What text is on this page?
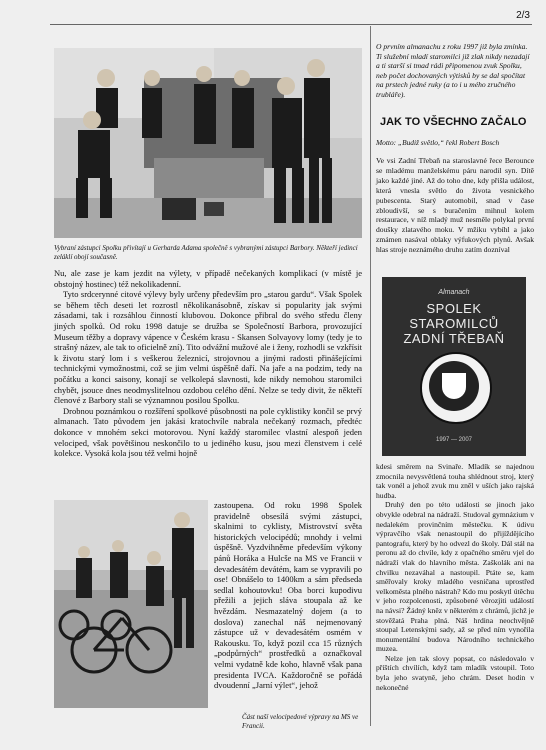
2/3
Vybraní zástupci Spolku přivítají u Gerharda Adama společně s vybranými zástupci Barbory. Někteří jedinci zeláklí obojí současně.

Nu, ale zase je kam jezdit na výlety, v případě nečekaných komplikací (v místě je obstojný hostinec) též nekolikadenní.

Tyto srdcerynné citové výlevy byly určeny především pro „starou gardu“. Však Spolek se během těch deseti let rozrostl několikanásobně, získav si popularity jak svými zásadami, tak i rozsáhlou činností klubovou. Dokonce přibral do svého středu členy jiných spolků. Od roku 1998 datuje se družba se Společností Barbora, provozující Museum těžby a dopravy vápence v Českém krasu - Skansen Solvayovy lomy (tedy je to strašný název, ale tak to oficielně zní). Tito odvážní mužové ale i ženy, rozhodli se vzkřísit k životu starý lom i s veškerou železnicí, strojovnou a jinými radosti přinášejícími technickými vymožnostmi, což se jim velmi úspěšně daří. Na jaře a na podzim, tedy na počátku a konci saisony, konají se velkolepá slavnosti, kde nikdy nemohou staromilci chybět, jsouce dnes neodmyslitelnou ozdobou celého dění. Nelze se tedy divit, že někteří členové z Barbory stali se významnou posilou Spolku.

Drobnou poznámkou o rozšíření spolkové působnosti na pole cyklistiky končil se prvý almanach. Tato původem jen jakási kratochvíle nabrala nečekaný rozmach, předtéc dokonce v mnohém sekci motorovou. Nyní každý staromilec vlastní alespoň jeden velociped, však povětšinou neskončilo to u jediného kusu, jsou mezi členstvem i celé kolekce. Vysoká kola jsou též velmi hojně

Část naší velocipedové výpravy na MS ve Francii.

zastoupena. Od roku 1998 Spolek pravidelně obsesílá svými zástupci, skalnimi to cyklisty, Mistrovství světa historických velocipédů; mnohdy i velmi úspěšně. Vyzdvihněme především výkony pánů Horáka a Hulcše na MS ve Francii v devadesátém devátém, kam se vypravili po ose! Obnášelo to 1400km a sám předseda sedlal kohoutovku! Oba borci kupodivu přežili a jejich sláva stoupala až ke hvězdám. Nesmazatelný dojem (a to doslova) zanechal náš nejmenovaný zástupce už v devadesátém osmém v Rakousku. To, když pozil cca 15 různých „podpůrných“ prostředků a označkoval velmi vydatně kde koho, hlavně však pana presidenta IVCA. Každoročně se pořádá dvoudenní „Jarní výlet“, jehož

O prvním almanachu z roku 1997 již byla zmínka. Ti služební mladí staromilci již zlak nikdy nezadají a ti starší si tmad rádi připomenou zvuk Spolku, neb počet dochovaných výtisků by se dal spočítat na prstech jedné ruky (a to i u mého zručného trubláře).
JAK TO VŠECHNO ZAČALO
Motto: „Budiž světlo,“ řekl Robert Bosch

Ve vsi Zadní Třebaň na staroslavné řece Berounce se mladému manželskému páru narodil syn. Dítě jako každé jiné. Až do toho dne, kdy přišla událost, která vnesla světlo do života vesnického pubescenta. Starý automobil, snad v čase zbloudivší, se s buračením mihnul kolem restaurace, v níž mladý muž nesmělе polykal první doušky zlatavého moku. V mžiku vybíhl a jako zmámen nasával oblaky výfukových plynů. Avšak hlas stroje neznámého druhu zatím dozníval

Almanach
SPOLEK STAROMILCŮ ZADNÍ TŘEBAŇ
1997 — 2007

kdesi směrem na Svinaře. Mladík se najednou zmocnila nevysvětlená touha shlédnout stroj, který tak vonél a jehož zvuk mu zněl v uších jako rajská hudba.

Druhý den po této události se jinoch jako obvykle odebral na nádraží. Studoval gymnázium v nedalekém provinčním městečku. K údivu výpravčího však nenastoupil do přijíždějícího pantografu, který by ho odvezl do školy. Dál stál na peronu až do chvíle, kdy z opačného směru vjel do nádraží vlak do hlavního města. Zaškolák ani na chvilku nezaváhal a nastoupil. Ptáte se, kam směřovaly kroky mladého vesničana uprostřed velkoměsta plného nástrah? Kdo mu poskytl útěchu v jeho rozpolcenosti, způsobené věrozjiti událostí na návsi? Žádný kněz v některém z chrámů, jichž je stověžatá Praha plná. Náš hrdina neochvějně stoupal Letenskými sady, až se před ním vynořila monumentální budova Národního technického muzea.

Nelze jen tak slovy popsat, co následovalo v příštích chvílích, když tam mladík vstoupil. Toto byla jeho svatyně, jeho chrám. Deset hodin v nekonečné
